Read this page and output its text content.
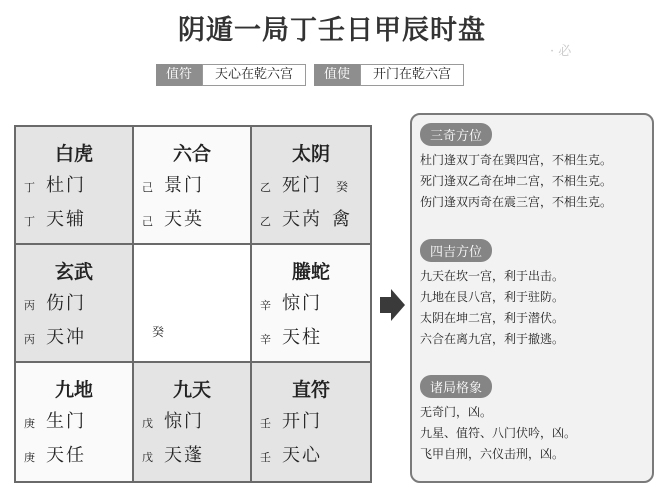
· 必
阴遁一局丁壬日甲辰时盘
值符	天心在乾六宫	值使	开门在乾六宫
白虎
丁 杜门
丁 天辅
六合
己 景门
己 天英
太阴
乙 死门 癸
乙 天芮 禽
玄武
丙 伤门
丙 天冲	癸
螣蛇
辛 惊门
辛 天柱
九地
庚 生门
庚 天任
九天
戊 惊门
戊 天蓬
直符
壬 开门
壬 天心
三奇方位
杜门逢双丁奇在巽四宫，不相生克。
死门逢双乙奇在坤二宫，不相生克。
伤门逢双丙奇在震三宫，不相生克。
四吉方位
九天在坎一宫，利于出击。
九地在艮八宫，利于驻防。
太阴在坤二宫，利于潜伏。
六合在离九宫，利于撤逃。
诸局格象
无奇门，凶。
九星、值符、八门伏吟，凶。
飞甲自刑，六仪击刑，凶。
